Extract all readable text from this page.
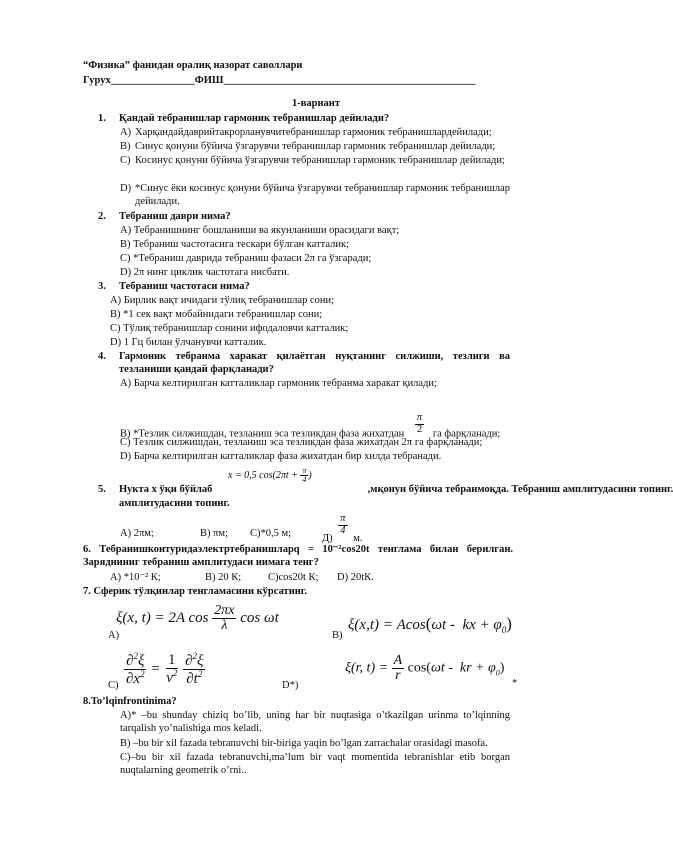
“Физика” фанидан оралиқ назорат саволлари
Гурух________________ФИШ________________________________________________
1-вариант
1. Қандай тебранишлар гармоник тебранишлар дейилади?
A) Харқандайдаврийтакрорланувчитебранишлар гармоник тебранишлардейилади;
B) Синус қонуни бўйича ўзгарувчи тебранишлар гармоник тебранишлар дейилади;
C) Косинус қонуни бўйича ўзгарувчи тебранишлар гармоник тебранишлар дейилади;
D) *Синус ёки косинус қонуни бўйича ўзгарувчи тебранишлар гармоник тебранишлар дейилади.
2. Тебраниш даври нима?
A) Тебранишнинг бошланиши ва якунланиши орасидаги вақт;
B) Тебраниш частотасига тескари бўлган катталик;
C) *Тебраниш даврида тебраниш фазаси 2π га ўзгаради;
D) 2π нинг циклик частотага нисбати.
3. Тебраниш частотаси нима?
A) Бирлик вақт ичидаги тўлиқ тебранишлар сони;
B) *1 сек вақт мобайнидаги тебранишлар сони;
C) Тўлиқ тебранишлар сонини ифодаловчи катталик;
D) 1 Гц билан ўлчанувчи катталик.
4. Гармоник тебранма харакат қилаётган нуқтанинг силжиши, тезлиги ва тезланиши қандай фарқланади?
A) Барча келтирилган катталиклар гармоник тебранма харакат қилади;
B) *Тезлик силжишдан, тезланиш эса тезликдан фаза жихатдан $\frac{\pi}{2}$ га фарқланади;
C) Тезлик силжишдан, тезланиш эса тезликдан фаза жихатдан 2π га фарқланади;
D) Барча келтирилган катталиклар фаза жихатдан бир хилда тебранади.
x = 0,5 $\cos(2\pi t + \frac{\pi}{4}$ )
5. Нукта x ўқи бўйлаб	,мқонун бўйича тебранмоқда. Тебраниш амплитудасини топинг.
амплитудасини топинг.
A) 2πм;	B) πм; C)*0,5 м;	Д)
$\frac{\pi}{4}$
м.
6. Тебранишконтуридаэлектртебранишларq = 10⁻²cos20t тенглама билан берилган. Зарядниниг тебраниш амплитудаси нимага тенг?
A) *10⁻² К;	B) 20 К;	C)cos20t К; D) 20tК.
7. Сферик тўлқинлар тенгламасини кўрсатинг.
A)
ξ(x, t) = 2A $\cos \frac{2\pi x}{\lambda}$ cos ωt
B)
ξ(x,t) = Acos(ωt -  kx + $\varphi_0$)
$C) \frac{\partial^2\xi}{\partial x^2} = \frac{1}{v^2}$
$\frac{\partial^2\xi}{\partial t^2}$	D*)
ξ(r, $t) = \frac{A}{r} \cos(\omega t$ -  kr + $\varphi_0$)
*
8.To’lqinfrontinima?
A)* –bu shunday chiziq bo’lib, uning har bir nuqtasiga o’tkazilgan urinma to’lqinning tarqalish yo’nalishiga mos keladi.
B) –bu bir xil fazada tebranuvchi bir-biriga yaqin bo’lgan zarrachalar orasidagi masofa.
C)–bu bir xil fazada tebranuvchi,ma’lum bir vaqt momentida tebranishlar etib borgan nuqtalarning geometrik o’rni..
